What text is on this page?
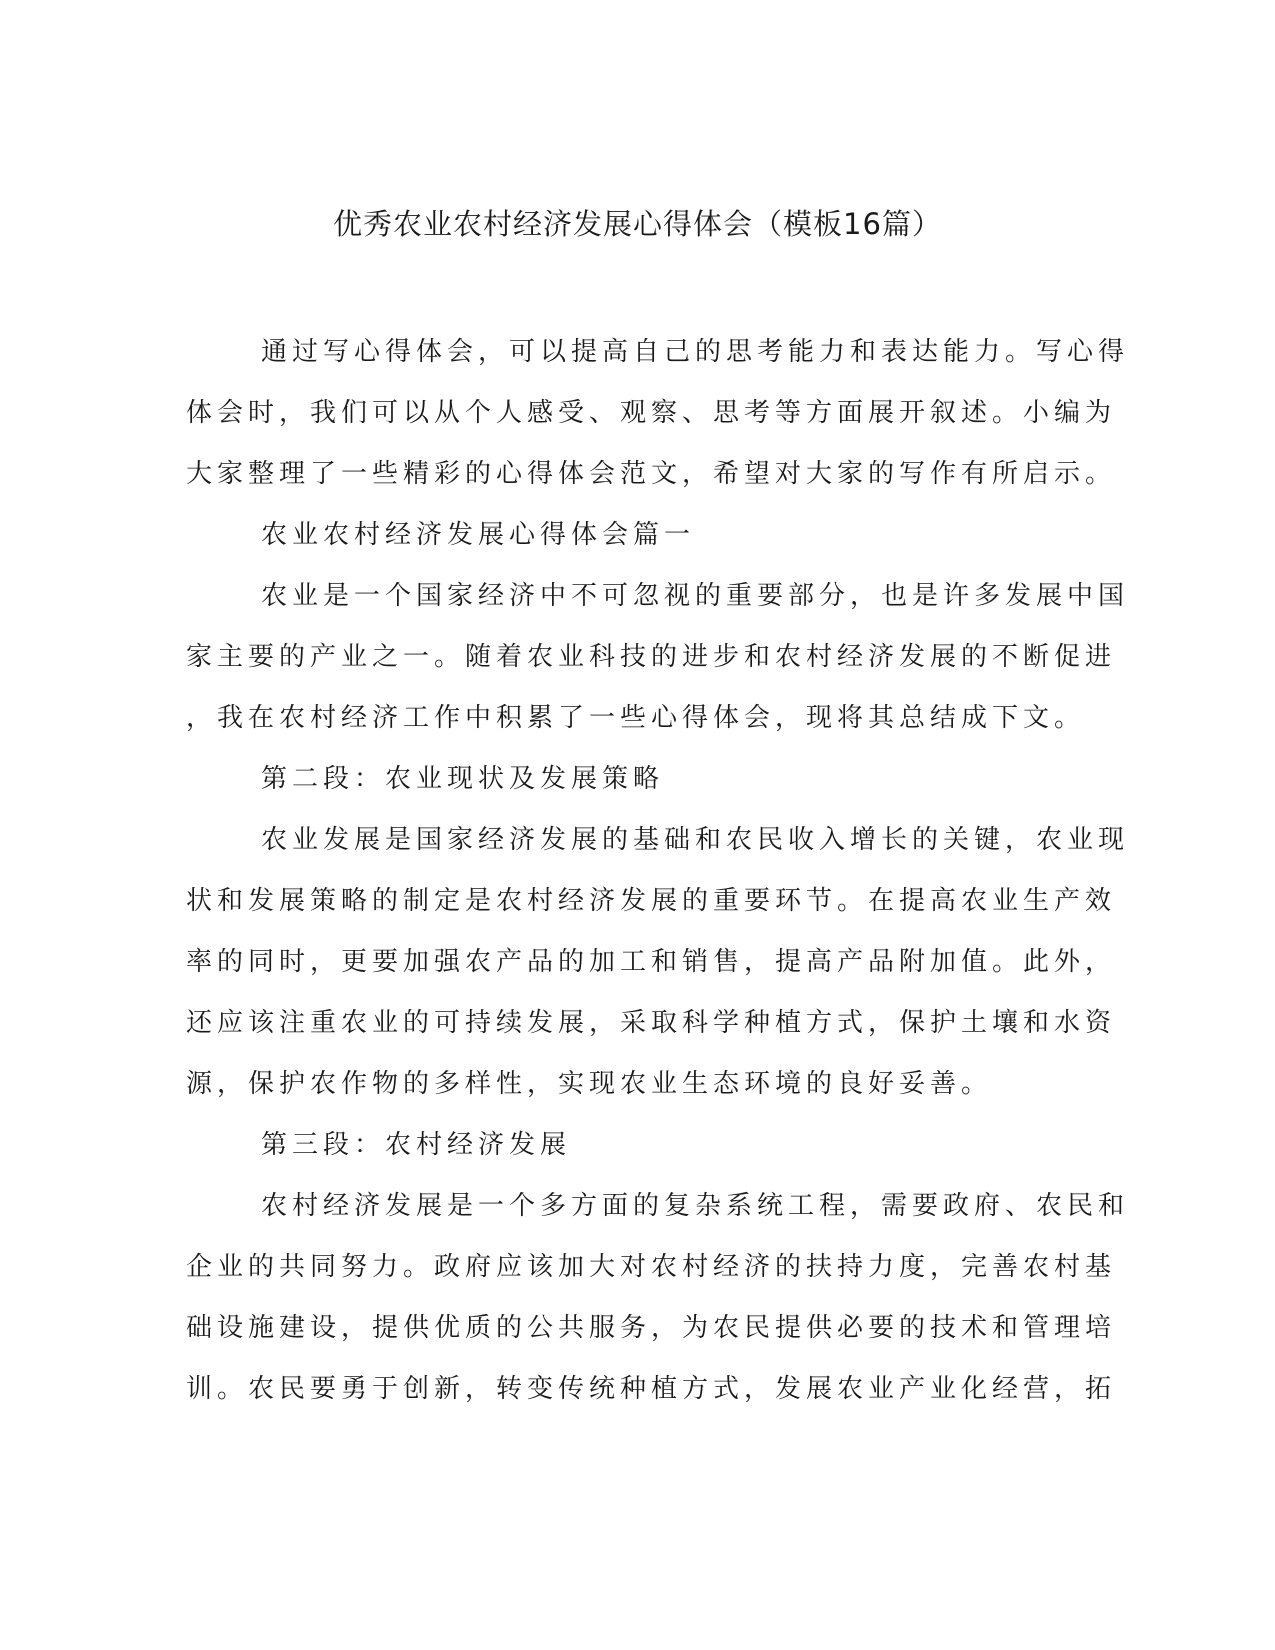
优秀农业农村经济发展心得体会（模板16篇）

通过写心得体会，可以提高自己的思考能力和表达能力。写心得

体会时，我们可以从个人感受、观察、思考等方面展开叙述。小编为

大家整理了一些精彩的心得体会范文，希望对大家的写作有所启示。

农业农村经济发展心得体会篇一

农业是一个国家经济中不可忽视的重要部分，也是许多发展中国

家主要的产业之一。随着农业科技的进步和农村经济发展的不断促进

，我在农村经济工作中积累了一些心得体会，现将其总结成下文。

第二段：农业现状及发展策略

农业发展是国家经济发展的基础和农民收入增长的关键，农业现

状和发展策略的制定是农村经济发展的重要环节。在提高农业生产效

率的同时，更要加强农产品的加工和销售，提高产品附加值。此外，

还应该注重农业的可持续发展，采取科学种植方式，保护土壤和水资

源，保护农作物的多样性，实现农业生态环境的良好妥善。

第三段：农村经济发展

农村经济发展是一个多方面的复杂系统工程，需要政府、农民和

企业的共同努力。政府应该加大对农村经济的扶持力度，完善农村基

础设施建设，提供优质的公共服务，为农民提供必要的技术和管理培

训。农民要勇于创新，转变传统种植方式，发展农业产业化经营，拓
